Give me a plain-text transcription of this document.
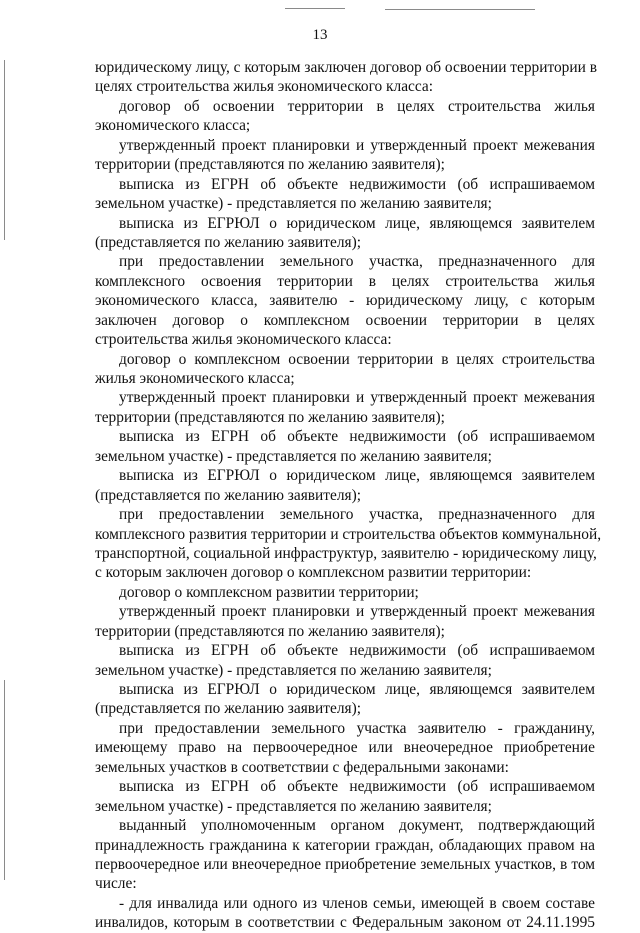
13
юридическому лицу, с которым заключен договор об освоении территории в
целях строительства жилья экономического класса:
договор об освоении территории в целях строительства жилья
экономического класса;
утвержденный проект планировки и утвержденный проект межевания
территории (представляются по желанию заявителя);
выписка из ЕГРН об объекте недвижимости (об испрашиваемом
земельном участке) - представляется по желанию заявителя;
выписка из ЕГРЮЛ о юридическом лице, являющемся заявителем
(представляется по желанию заявителя);
при предоставлении земельного участка, предназначенного для
комплексного освоения территории в целях строительства жилья
экономического класса, заявителю - юридическому лицу, с которым
заключен договор о комплексном освоении территории в целях
строительства жилья экономического класса:
договор о комплексном освоении территории в целях строительства
жилья экономического класса;
утвержденный проект планировки и утвержденный проект межевания
территории (представляются по желанию заявителя);
выписка из ЕГРН об объекте недвижимости (об испрашиваемом
земельном участке) - представляется по желанию заявителя;
выписка из ЕГРЮЛ о юридическом лице, являющемся заявителем
(представляется по желанию заявителя);
при предоставлении земельного участка, предназначенного для
комплексного развития территории и строительства объектов коммунальной,
транспортной, социальной инфраструктур, заявителю - юридическому лицу,
с которым заключен договор о комплексном развитии территории:
договор о комплексном развитии территории;
утвержденный проект планировки и утвержденный проект межевания
территории (представляются по желанию заявителя);
выписка из ЕГРН об объекте недвижимости (об испрашиваемом
земельном участке) - представляется по желанию заявителя;
выписка из ЕГРЮЛ о юридическом лице, являющемся заявителем
(представляется по желанию заявителя);
при предоставлении земельного участка заявителю - гражданину,
имеющему право на первоочередное или внеочередное приобретение
земельных участков в соответствии с федеральными законами:
выписка из ЕГРН об объекте недвижимости (об испрашиваемом
земельном участке) - представляется по желанию заявителя;
выданный уполномоченным органом документ, подтверждающий
принадлежность гражданина к категории граждан, обладающих правом на
первоочередное или внеочередное приобретение земельных участков, в том
числе:
- для инвалида или одного из членов семьи, имеющей в своем составе
инвалидов, которым в соответствии с Федеральным законом от 24.11.1995
